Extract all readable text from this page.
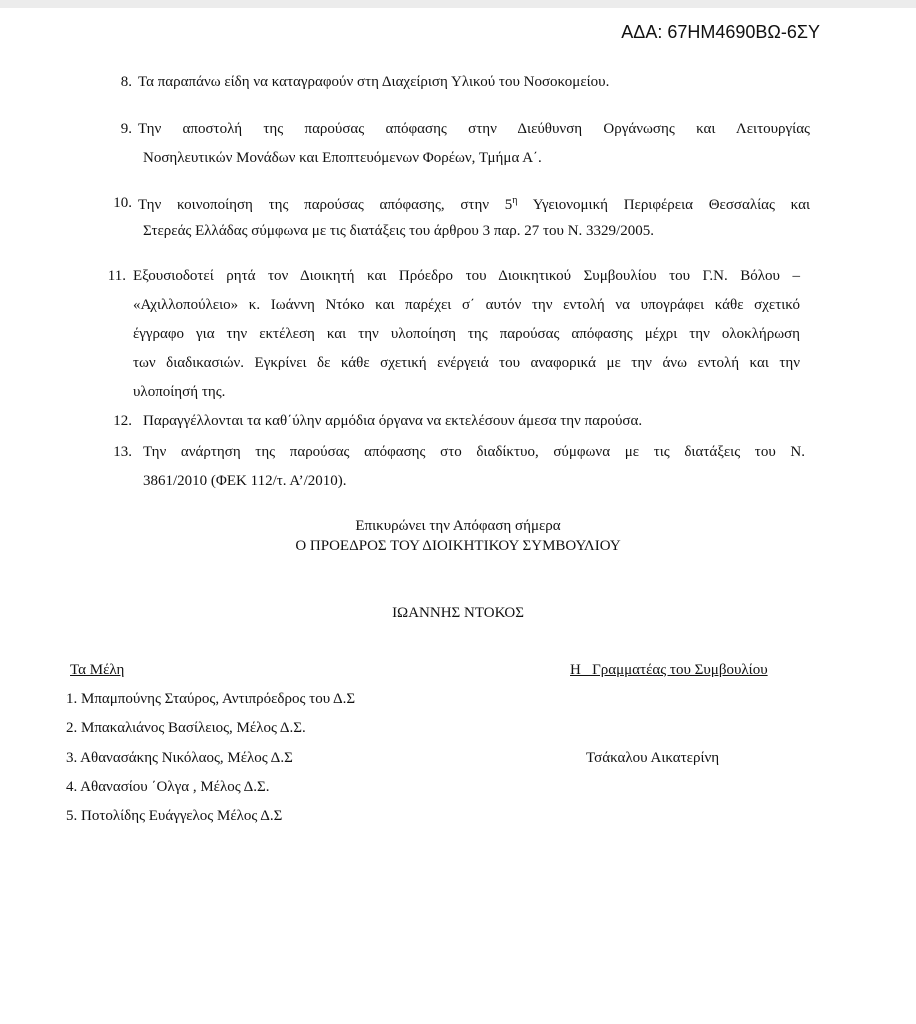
ΑΔΑ: 67ΗΜ4690ΒΩ-6ΣΥ
8. Τα παραπάνω είδη να καταγραφούν στη Διαχείριση Υλικού του Νοσοκομείου.
9. Την αποστολή της παρούσας απόφασης στην Διεύθυνση Οργάνωσης και Λειτουργίας
Νοσηλευτικών Μονάδων και Εποπτευόμενων Φορέων, Τμήμα Α΄.
10. Την κοινοποίηση της παρούσας απόφασης, στην $5^\eta$ Υγειονομική Περιφέρεια Θεσσαλίας και
Στερεάς Ελλάδας σύμφωνα με τις διατάξεις του άρθρου 3 παρ. 27 του Ν. 3329/2005.
11. Εξουσιοδοτεί ρητά τον Διοικητή και Πρόεδρο του Διοικητικού Συμβουλίου του Γ.Ν. Βόλου –
«Αχιλλοπούλειο» κ. Ιωάννη Ντόκο και παρέχει σ΄ αυτόν την εντολή να υπογράφει κάθε σχετικό
έγγραφο για την εκτέλεση και την υλοποίηση της παρούσας απόφασης μέχρι την ολοκλήρωση
των διαδικασιών. Εγκρίνει δε κάθε σχετική ενέργειά του αναφορικά με την άνω εντολή και την
υλοποίησή της.
12. Παραγγέλλονται τα καθ΄ύλην αρμόδια όργανα να εκτελέσουν άμεσα την παρούσα.
13. Την ανάρτηση της παρούσας απόφασης στο διαδίκτυο, σύμφωνα με τις διατάξεις του Ν.
3861/2010 (ΦΕΚ 112/τ. Α’/2010).
Επικυρώνει την Απόφαση σήμερα
Ο ΠΡΟΕΔΡΟΣ ΤΟΥ ΔΙΟΙΚΗΤΙΚΟΥ ΣΥΜΒΟΥΛΙΟΥ
ΙΩΑΝΝΗΣ ΝΤΟΚΟΣ
Τα Μέλη
1. Μπαμπούνης Σταύρος, Αντιπρόεδρος του Δ.Σ
2. Μπακαλιάνος Βασίλειος, Μέλος Δ.Σ.
3. Αθανασάκης Νικόλαος, Μέλος Δ.Σ
4. Αθανασίου ΄Ολγα , Μέλος Δ.Σ.
5. Ποτολίδης Ευάγγελος Μέλος Δ.Σ
Η   Γραμματέας του Συμβουλίου
Τσάκαλου Αικατερίνη
